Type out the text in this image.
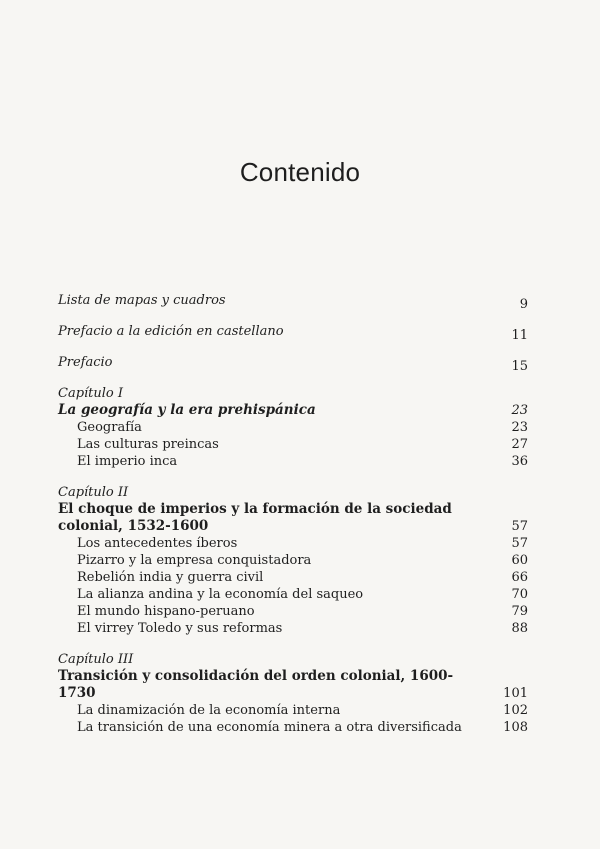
Contenido
Lista de mapas y cuadros	9
Prefacio a la edición en castellano	11
Prefacio	15
Capítulo I
La geografía y la era prehispánica	23
Geografía	23
Las culturas preincas	27
El imperio inca	36
Capítulo II
El choque de imperios y la formación de la sociedad colonial, 1532-1600	57
Los antecedentes íberos	57
Pizarro y la empresa conquistadora	60
Rebelión india y guerra civil	66
La alianza andina y la economía del saqueo	70
El mundo hispano-peruano	79
El virrey Toledo y sus reformas	88
Capítulo III
Transición y consolidación del orden colonial, 1600-1730	101
La dinamización de la economía interna	102
La transición de una economía minera a otra diversificada	108
